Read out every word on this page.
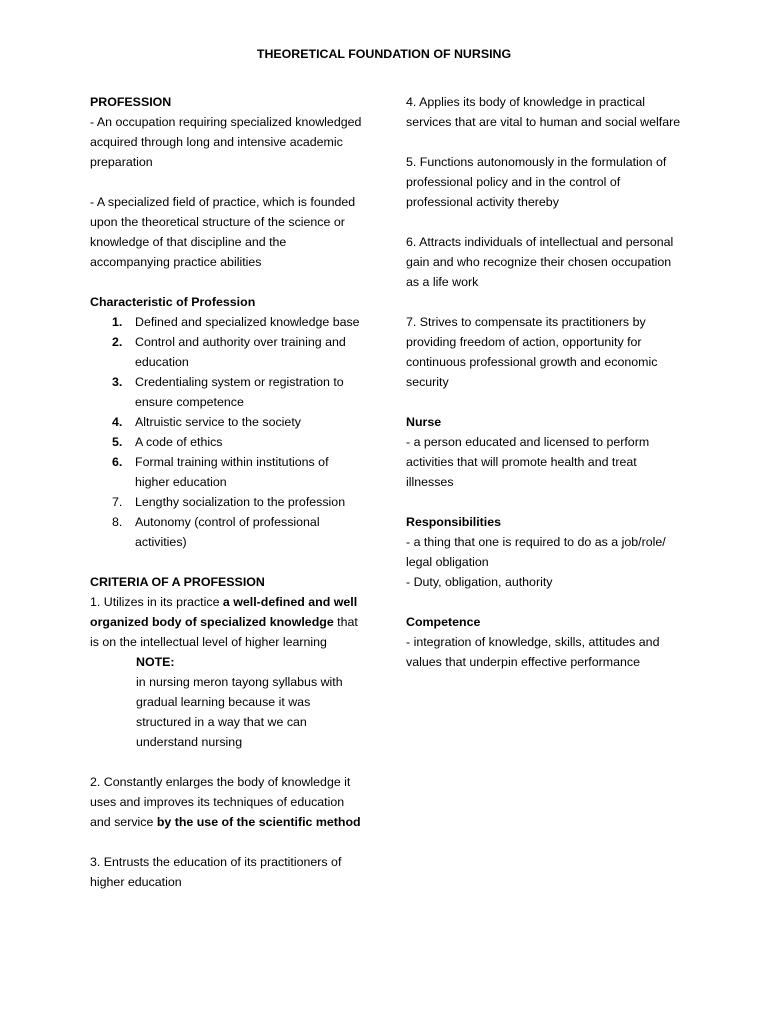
THEORETICAL FOUNDATION OF NURSING

PROFESSION

- An occupation requiring specialized knowledged acquired through long and intensive academic preparation

- A specialized field of practice, which is founded upon the theoretical structure of the science or knowledge of that discipline and the accompanying practice abilities

Characteristic of Profession

1. Defined and specialized knowledge base
2. Control and authority over training and education
3. Credentialing system or registration to ensure competence
4. Altruistic service to the society
5. A code of ethics
6. Formal training within institutions of higher education
7. Lengthy socialization to the profession
8. Autonomy (control of professional activities)

CRITERIA OF A PROFESSION

1. Utilizes in its practice a well-defined and well organized body of specialized knowledge that is on the intellectual level of higher learning

NOTE:

in nursing meron tayong syllabus with gradual learning because it was structured in a way that we can understand nursing

2. Constantly enlarges the body of knowledge it uses and improves its techniques of education and service by the use of the scientific method

3. Entrusts the education of its practitioners of higher education

4. Applies its body of knowledge in practical services that are vital to human and social welfare

5. Functions autonomously in the formulation of professional policy and in the control of professional activity thereby

6. Attracts individuals of intellectual and personal gain and who recognize their chosen occupation as a life work

7. Strives to compensate its practitioners by providing freedom of action, opportunity for continuous professional growth and economic security

Nurse

- a person educated and licensed to perform activities that will promote health and treat illnesses

Responsibilities

- a thing that one is required to do as a job/role/ legal obligation

- Duty, obligation, authority

Competence

- integration of knowledge, skills, attitudes and values that underpin effective performance
